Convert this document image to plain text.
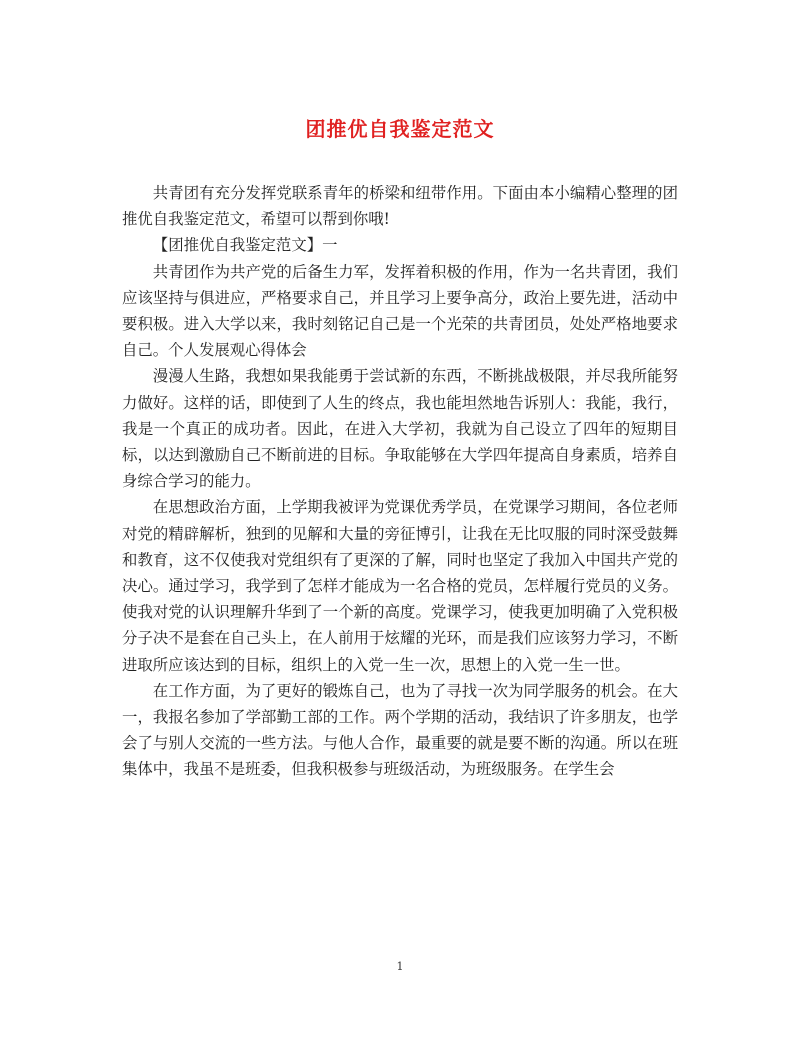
团推优自我鉴定范文

共青团有充分发挥党联系青年的桥梁和纽带作用。下面由本小编精心整理的团推优自我鉴定范文，希望可以帮到你哦!

【团推优自我鉴定范文】一

共青团作为共产党的后备生力军，发挥着积极的作用，作为一名共青团，我们应该坚持与俱进应，严格要求自己，并且学习上要争高分，政治上要先进，活动中要积极。进入大学以来，我时刻铭记自己是一个光荣的共青团员，处处严格地要求自己。个人发展观心得体会

漫漫人生路，我想如果我能勇于尝试新的东西，不断挑战极限，并尽我所能努力做好。这样的话，即使到了人生的终点，我也能坦然地告诉别人：我能，我行，我是一个真正的成功者。因此，在进入大学初，我就为自己设立了四年的短期目标，以达到激励自己不断前进的目标。争取能够在大学四年提高自身素质，培养自身综合学习的能力。

在思想政治方面，上学期我被评为党课优秀学员，在党课学习期间，各位老师对党的精辟解析，独到的见解和大量的旁征博引，让我在无比叹服的同时深受鼓舞和教育，这不仅使我对党组织有了更深的了解，同时也坚定了我加入中国共产党的决心。通过学习，我学到了怎样才能成为一名合格的党员，怎样履行党员的义务。使我对党的认识理解升华到了一个新的高度。党课学习，使我更加明确了入党积极分子决不是套在自己头上，在人前用于炫耀的光环，而是我们应该努力学习，不断进取所应该达到的目标，组织上的入党一生一次，思想上的入党一生一世。

在工作方面，为了更好的锻炼自己，也为了寻找一次为同学服务的机会。在大一，我报名参加了学部勤工部的工作。两个学期的活动，我结识了许多朋友，也学会了与别人交流的一些方法。与他人合作，最重要的就是要不断的沟通。所以在班集体中，我虽不是班委，但我积极参与班级活动，为班级服务。在学生会

1
